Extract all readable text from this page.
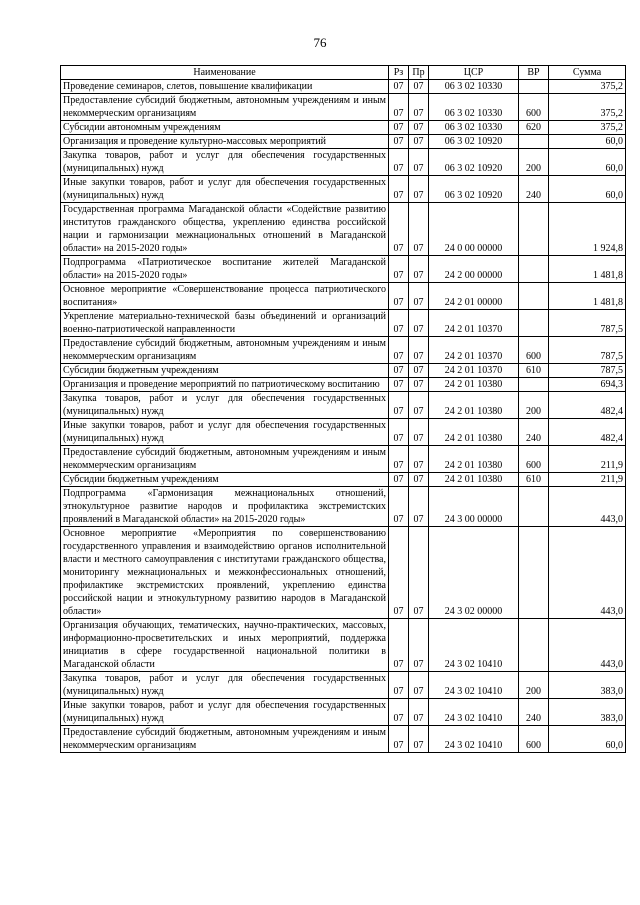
76
Наименование	Рз	Пр	ЦСР	ВР	Сумма
Проведение семинаров, слетов, повышение квалификации	07	07	06 3 02 10330		375,2
Предоставление субсидий бюджетным, автономным учреждениям и иным некоммерческим организациям	07	07	06 3 02 10330	600	375,2
Субсидии автономным учреждениям	07	07	06 3 02 10330	620	375,2
Организация и проведение культурно-массовых мероприятий	07	07	06 3 02 10920		60,0
Закупка товаров, работ и услуг для обеспечения государственных (муниципальных) нужд	07	07	06 3 02 10920	200	60,0
Иные закупки товаров, работ и услуг для обеспечения государственных (муниципальных) нужд	07	07	06 3 02 10920	240	60,0
Государственная программа Магаданской области «Содействие развитию институтов гражданского общества, укреплению единства российской нации и гармонизации межнациональных отношений в Магаданской области» на 2015-2020 годы»	07	07	24 0 00 00000		1 924,8
Подпрограмма «Патриотическое воспитание жителей Магаданской области» на 2015-2020 годы»	07	07	24 2 00 00000		1 481,8
Основное мероприятие «Совершенствование процесса патриотического воспитания»	07	07	24 2 01 00000		1 481,8
Укрепление материально-технической базы объединений и организаций военно-патриотической направленности	07	07	24 2 01 10370		787,5
Предоставление субсидий бюджетным, автономным учреждениям и иным некоммерческим организациям	07	07	24 2 01 10370	600	787,5
Субсидии бюджетным учреждениям	07	07	24 2 01 10370	610	787,5
Организация и проведение мероприятий по патриотическому воспитанию	07	07	24 2 01 10380		694,3
Закупка товаров, работ и услуг для обеспечения государственных (муниципальных) нужд	07	07	24 2 01 10380	200	482,4
Иные закупки товаров, работ и услуг для обеспечения государственных (муниципальных) нужд	07	07	24 2 01 10380	240	482,4
Предоставление субсидий бюджетным, автономным учреждениям и иным некоммерческим организациям	07	07	24 2 01 10380	600	211,9
Субсидии бюджетным учреждениям	07	07	24 2 01 10380	610	211,9
Подпрограмма «Гармонизация межнациональных отношений, этнокультурное развитие народов и профилактика экстремистских проявлений в Магаданской области» на 2015-2020 годы»	07	07	24 3 00 00000		443,0
Основное мероприятие «Мероприятия по совершенствованию государственного управления и взаимодействию органов исполнительной власти и местного самоуправления с институтами гражданского общества, мониторингу межнациональных и межконфессиональных отношений, профилактике экстремистских проявлений, укреплению единства российской нации и этнокультурному развитию народов в Магаданской области»	07	07	24 3 02 00000		443,0
Организация обучающих, тематических, научно-практических, массовых, информационно-просветительских и иных мероприятий, поддержка инициатив в сфере государственной национальной политики в Магаданской области	07	07	24 3 02 10410		443,0
Закупка товаров, работ и услуг для обеспечения государственных (муниципальных) нужд	07	07	24 3 02 10410	200	383,0
Иные закупки товаров, работ и услуг для обеспечения государственных (муниципальных) нужд	07	07	24 3 02 10410	240	383,0
Предоставление субсидий бюджетным, автономным учреждениям и иным некоммерческим организациям	07	07	24 3 02 10410	600	60,0
